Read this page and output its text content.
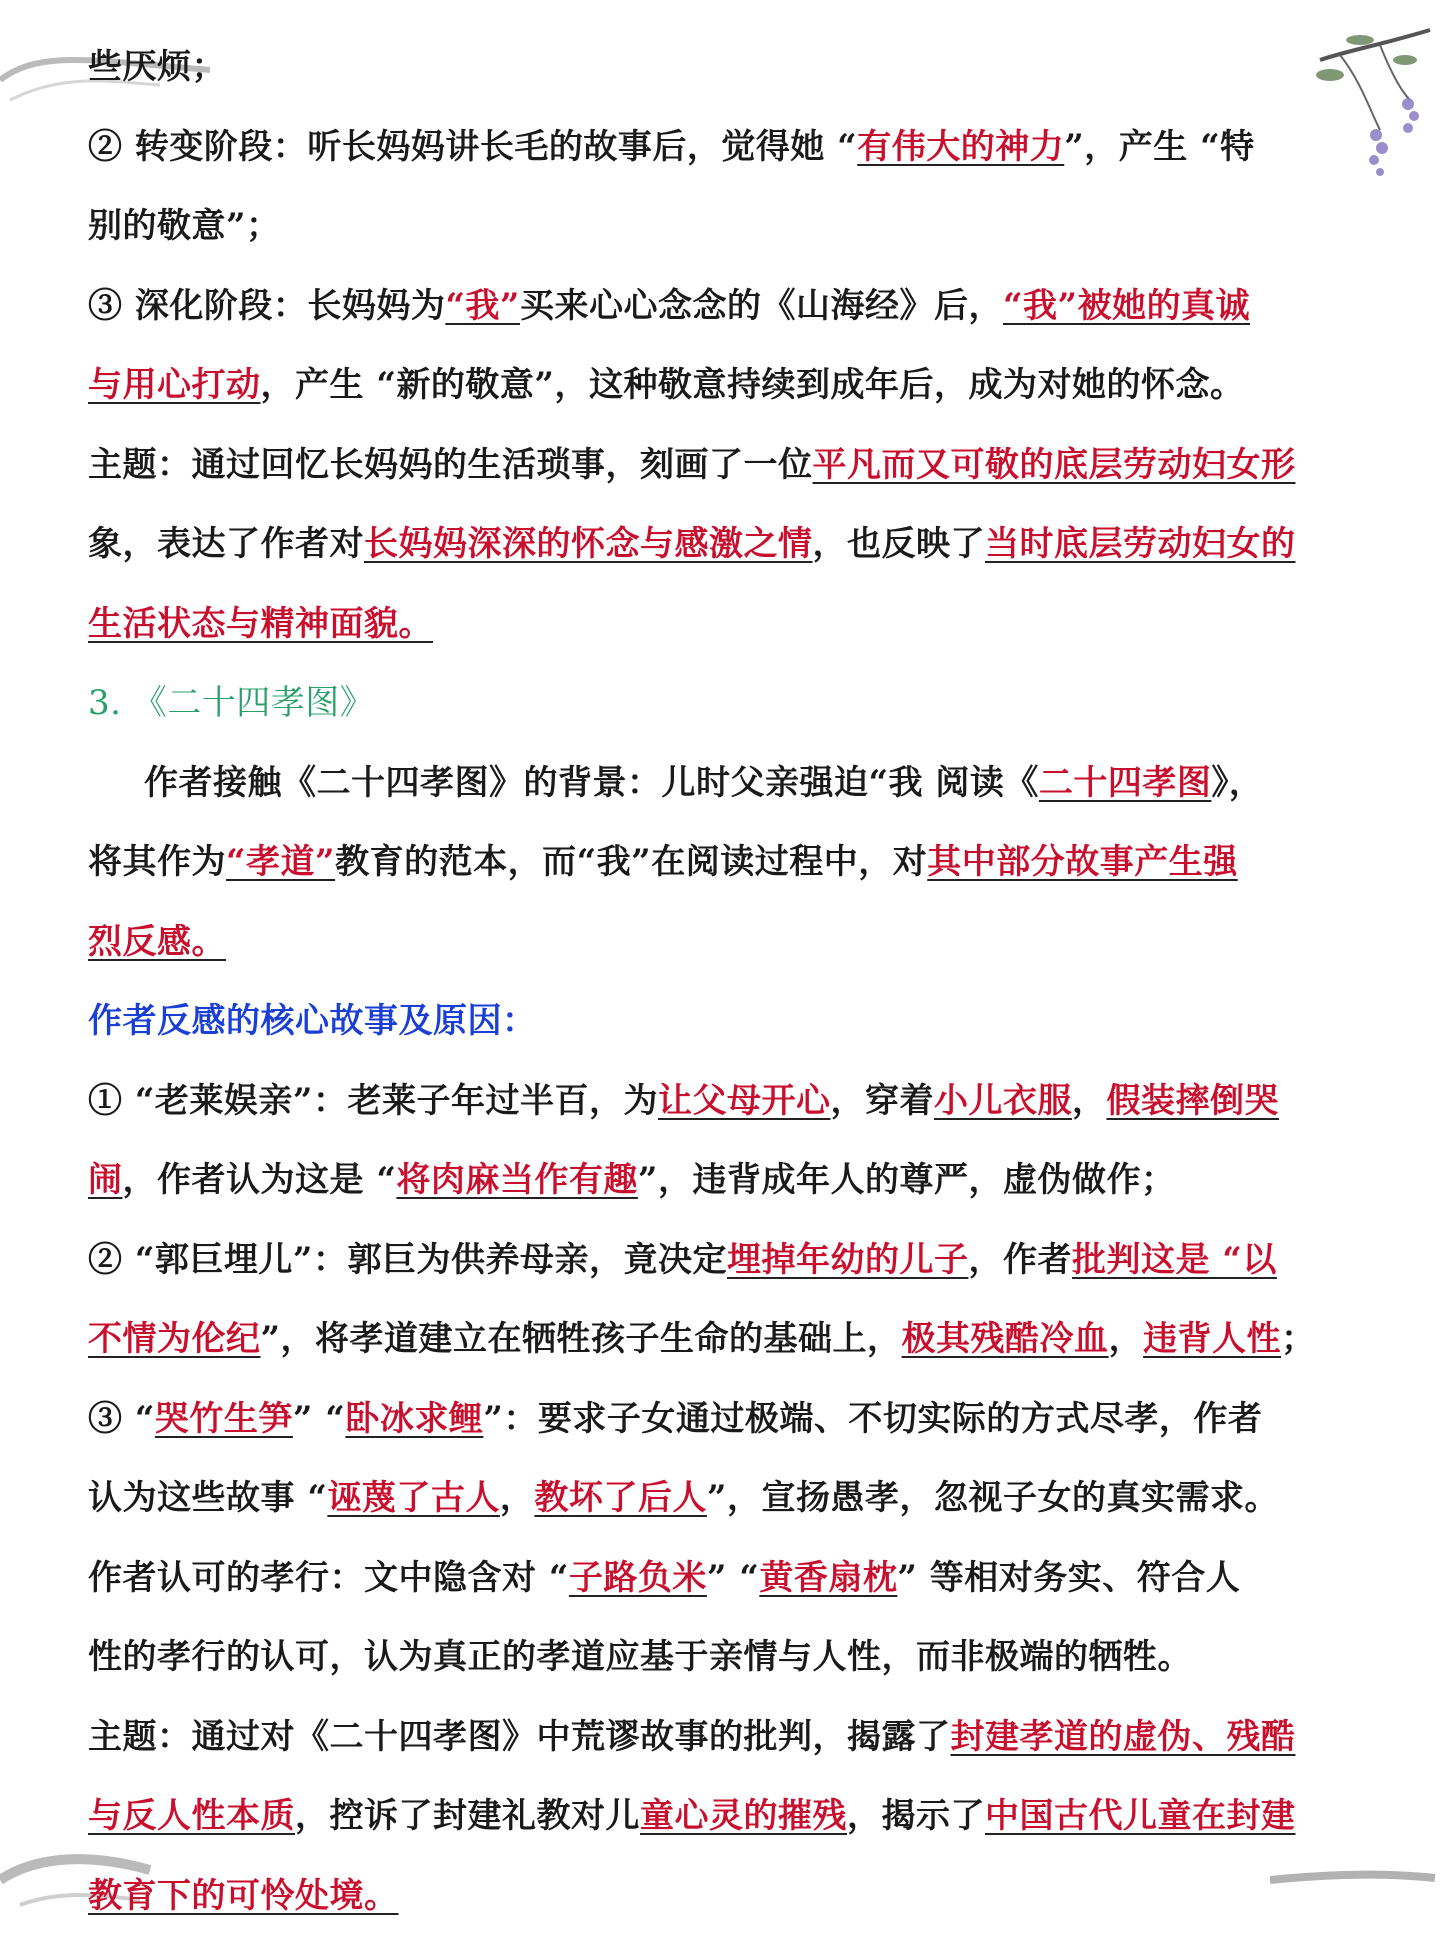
些厌烦；
② 转变阶段：听长妈妈讲长毛的故事后，觉得她 “有伟大的神力”，产生 “特
别的敬意”；
③ 深化阶段：长妈妈为“我”买来心心念念的《山海经》后，“我”被她的真诚
与用心打动，产生 “新的敬意”，这种敬意持续到成年后，成为对她的怀念。
主题：通过回忆长妈妈的生活琐事，刻画了一位平凡而又可敬的底层劳动妇女形
象，表达了作者对长妈妈深深的怀念与感激之情，也反映了当时底层劳动妇女的
生活状态与精神面貌。
3. 《二十四孝图》
作者接触《二十四孝图》的背景：儿时父亲强迫“我 阅读《二十四孝图》，
将其作为“孝道”教育的范本，而“我”在阅读过程中，对其中部分故事产生强
烈反感。
作者反感的核心故事及原因：
① “老莱娱亲”：老莱子年过半百，为让父母开心，穿着小儿衣服，假装摔倒哭
闹，作者认为这是 “将肉麻当作有趣”，违背成年人的尊严，虚伪做作；
② “郭巨埋儿”：郭巨为供养母亲，竟决定埋掉年幼的儿子，作者批判这是 “以
不情为伦纪”，将孝道建立在牺牲孩子生命的基础上，极其残酷冷血，违背人性；
③ “哭竹生笋” “卧冰求鲤”：要求子女通过极端、不切实际的方式尽孝，作者
认为这些故事 “诬蔑了古人，教坏了后人”，宣扬愚孝，忽视子女的真实需求。
作者认可的孝行：文中隐含对 “子路负米” “黄香扇枕” 等相对务实、符合人
性的孝行的认可，认为真正的孝道应基于亲情与人性，而非极端的牺牲。
主题：通过对《二十四孝图》中荒谬故事的批判，揭露了封建孝道的虚伪、残酷
与反人性本质，控诉了封建礼教对儿童心灵的摧残，揭示了中国古代儿童在封建
教育下的可怜处境。
